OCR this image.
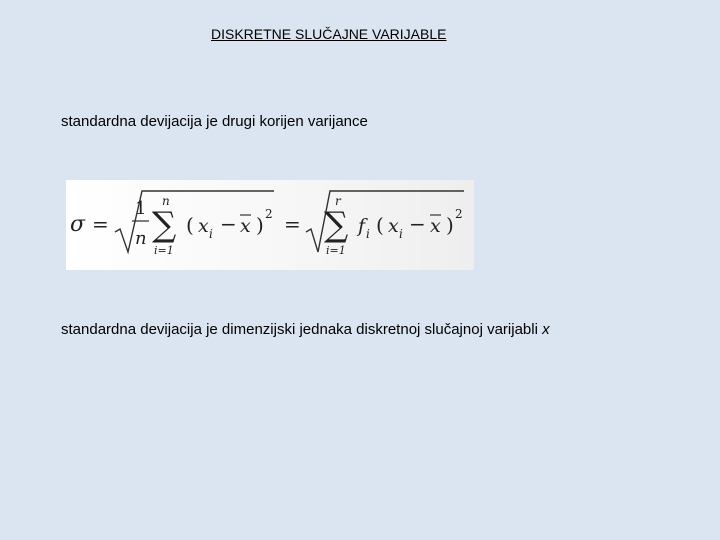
DISKRETNE SLUČAJNE VARIJABLE
standardna devijacija je drugi korijen varijance
σ =
1
n
n
∑
i=1
( x i − x ) 2 =
r
∑
i=1
f i ( x i − x ) 2
standardna devijacija je dimenzijski jednaka diskretnoj slučajnoj varijabli x
